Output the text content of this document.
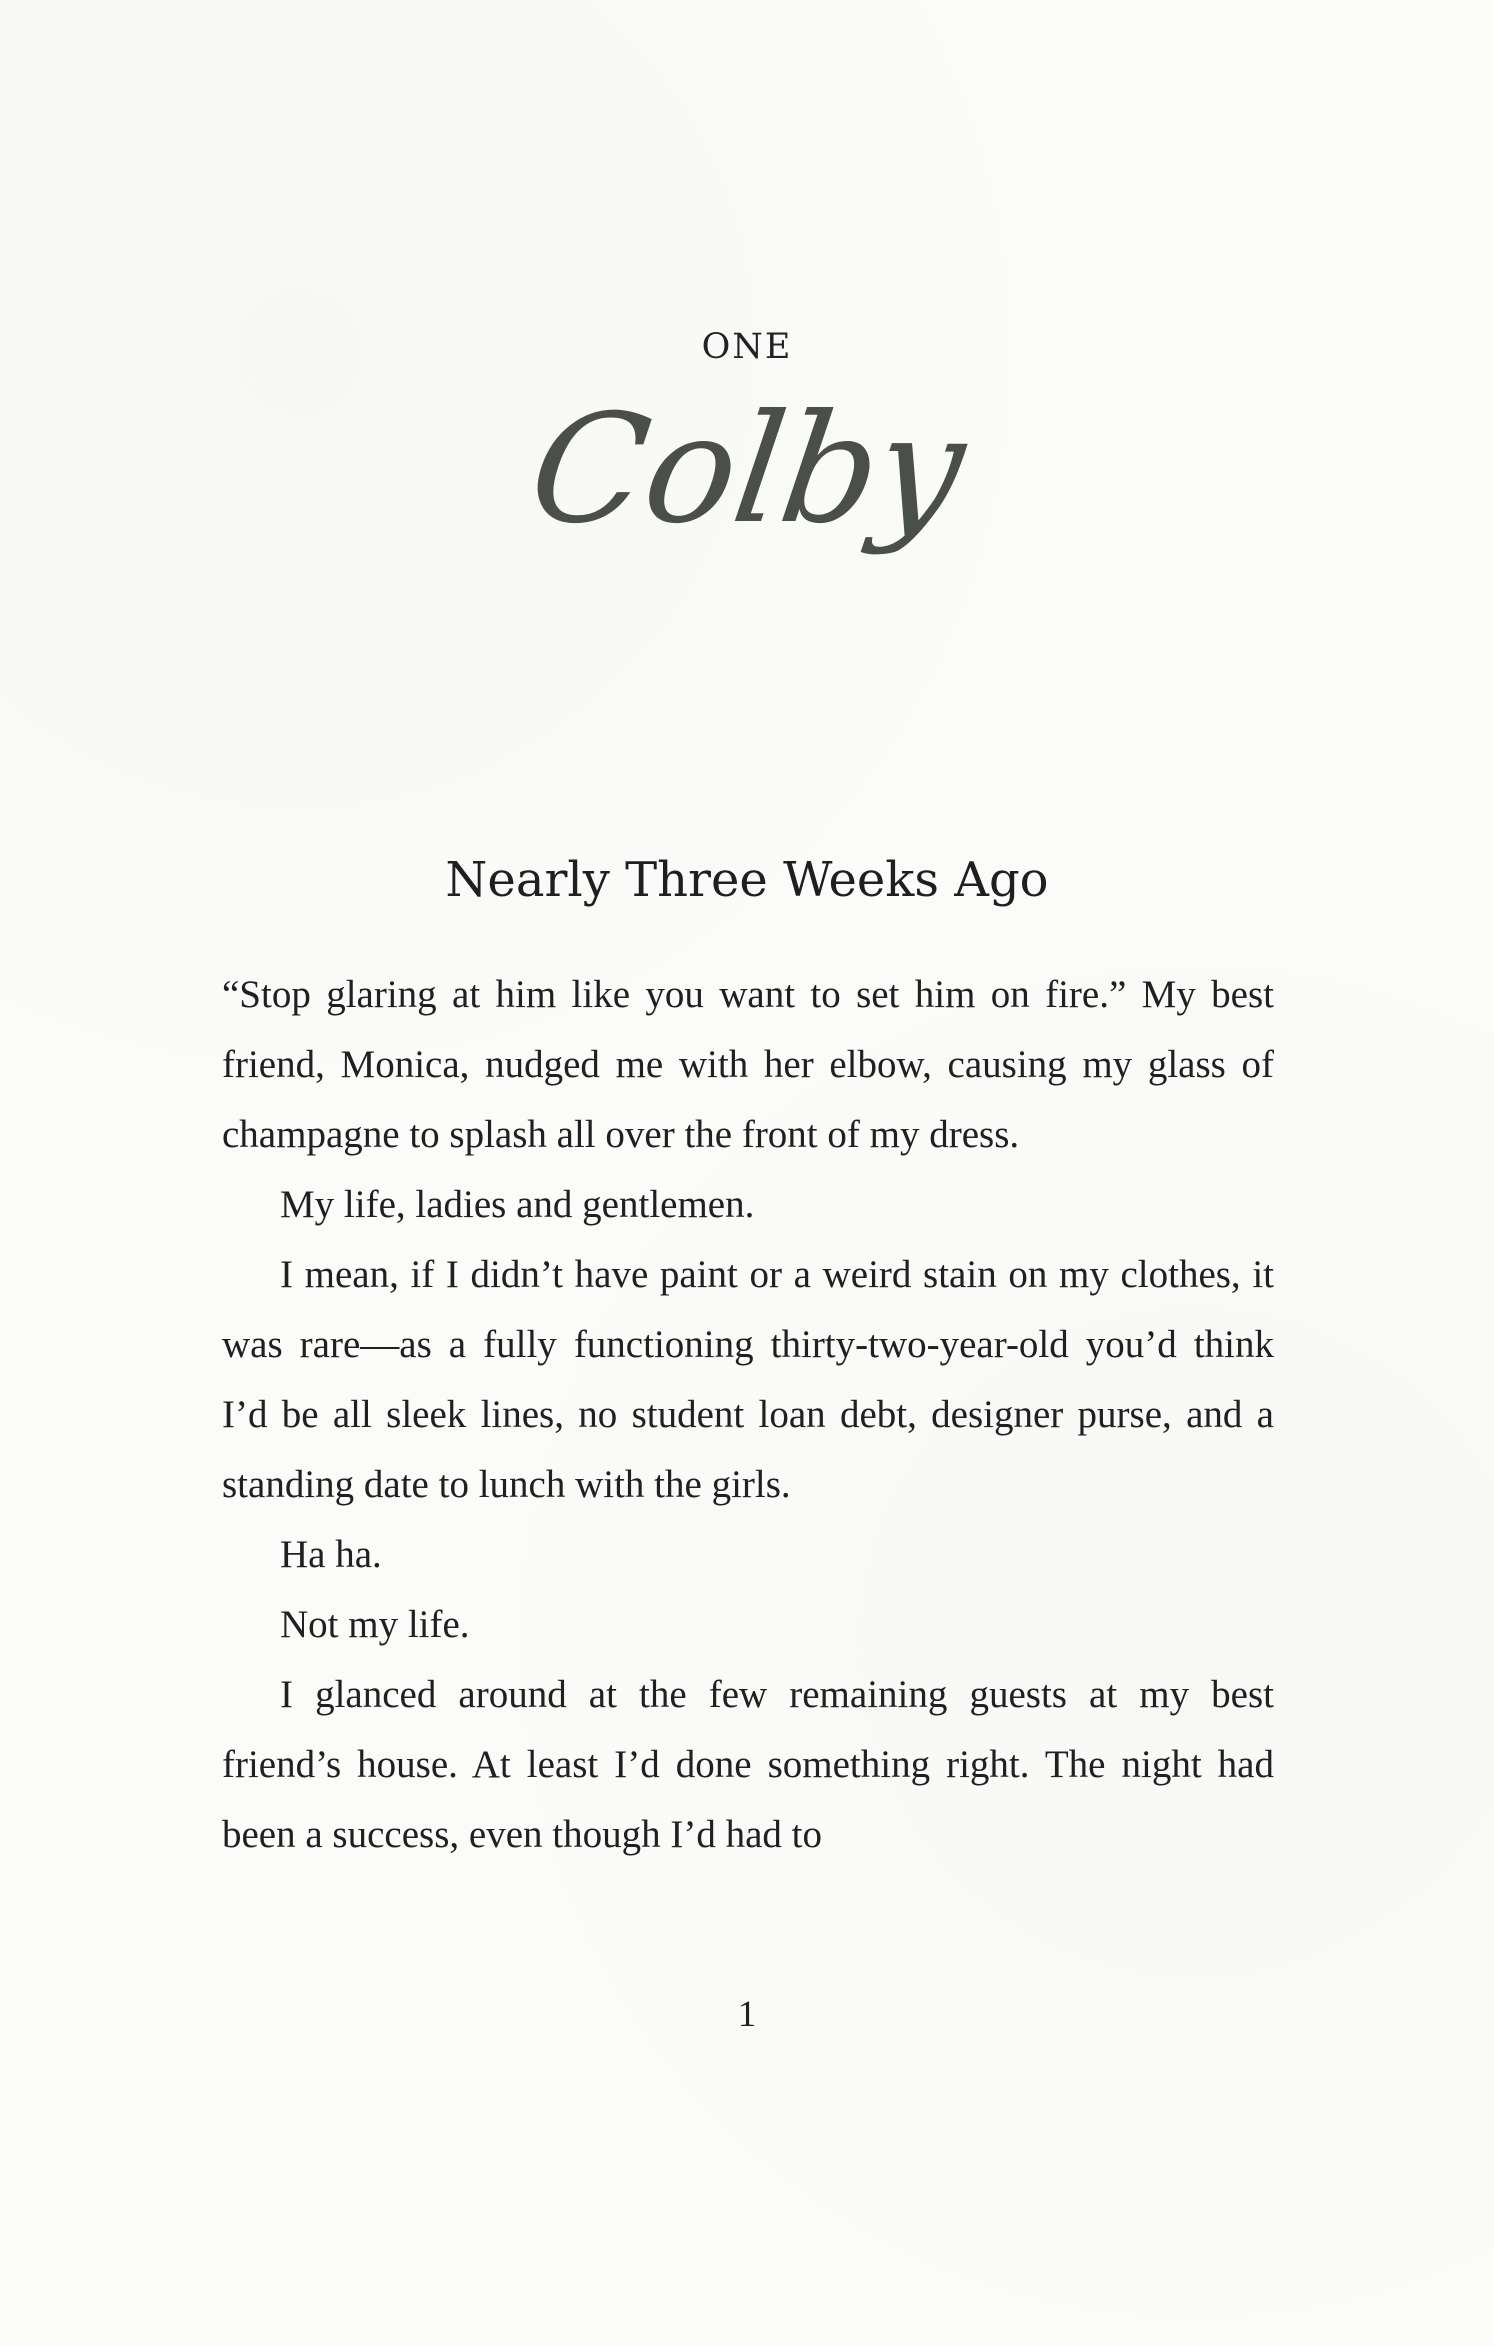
ONE
Colby
Nearly Three Weeks Ago

“Stop glaring at him like you want to set him on fire.” My best friend, Monica, nudged me with her elbow, causing my glass of champagne to splash all over the front of my dress.

My life, ladies and gentlemen.

I mean, if I didn’t have paint or a weird stain on my clothes, it was rare—as a fully functioning thirty-two-year-old you’d think I’d be all sleek lines, no student loan debt, designer purse, and a standing date to lunch with the girls.

Ha ha.

Not my life.

I glanced around at the few remaining guests at my best friend’s house. At least I’d done something right. The night had been a success, even though I’d had to

1
